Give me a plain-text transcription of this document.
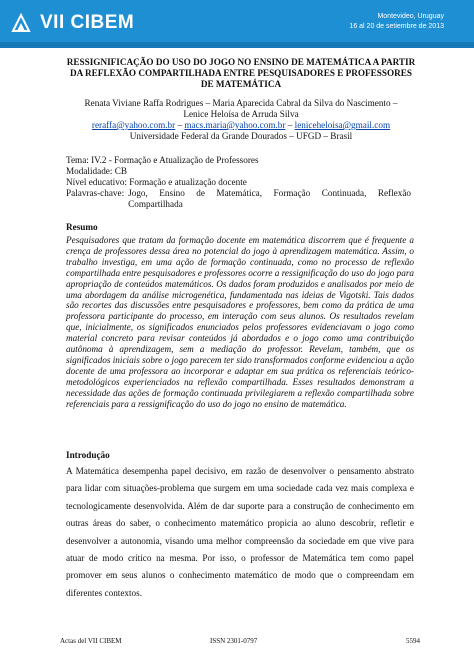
VII CIBEM	Montevideo, Uruguay
16 al 20 de setiembre de 2013
RESSIGNIFICAÇÃO DO USO DO JOGO NO ENSINO DE MATEMÁTICA A PARTIR DA REFLEXÃO COMPARTILHADA ENTRE PESQUISADORES E PROFESSORES DE MATEMÁTICA
Renata Viviane Raffa Rodrigues – Maria Aparecida Cabral da Silva do Nascimento –
Lenice Heloísa de Arruda Silva
reraffa@yahoo.com.br – macs.maria@yahoo.com.br – leniceheloisa@gmail.com
Universidade Federal da Grande Dourados – UFGD – Brasil
Tema: IV.2 - Formação e Atualização de Professores
Modalidade: CB
Nível educativo: Formação e atualização docente
Palavras-chave: Jogo, Ensino de Matemática, Formação Continuada, Reflexão Compartilhada
Resumo
Pesquisadores que tratam da formação docente em matemática discorrem que é frequente a crença de professores dessa área no potencial do jogo à aprendizagem matemática. Assim, o trabalho investiga, em uma ação de formação continuada, como no processo de reflexão compartilhada entre pesquisadores e professores ocorre a ressignificação do uso do jogo para apropriação de conteúdos matemáticos. Os dados foram produzidos e analisados por meio de uma abordagem da análise microgenética, fundamentada nas ideias de Vigotski. Tais dados são recortes das discussões entre pesquisadores e professores, bem como da prática de uma professora participante do processo, em interação com seus alunos. Os resultados revelam que, inicialmente, os significados enunciados pelos professores evidenciavam o jogo como material concreto para revisar conteúdos já abordados e o jogo como uma contribuição autônoma à aprendizagem, sem a mediação do professor. Revelam, também, que os significados iniciais sobre o jogo parecem ter sido transformados conforme evidenciou a ação docente de uma professora ao incorporar e adaptar em sua prática os referenciais teórico-metodológicos experienciados na reflexão compartilhada. Esses resultados demonstram a necessidade das ações de formação continuada privilegiarem a reflexão compartilhada sobre referenciais para a ressignificação do uso do jogo no ensino de matemática.
Introdução
A Matemática desempenha papel decisivo, em razão de desenvolver o pensamento abstrato para lidar com situações-problema que surgem em uma sociedade cada vez mais complexa e tecnologicamente desenvolvida. Além de dar suporte para a construção de conhecimento em outras áreas do saber, o conhecimento matemático propicia ao aluno descobrir, refletir e desenvolver a autonomia, visando uma melhor compreensão da sociedade em que vive para atuar de modo crítico na mesma. Por isso, o professor de Matemática tem como papel promover em seus alunos o conhecimento matemático de modo que o compreendam em diferentes contextos.
Actas del VII CIBEM	ISSN 2301-0797	5594
